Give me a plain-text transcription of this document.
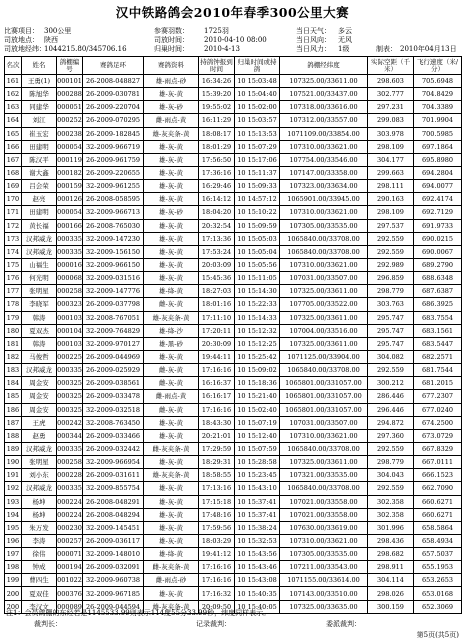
汉中铁路鸽会2010年春季300公里大赛
比赛项目： 300公里	参赛羽数： 1725羽	当日天气： 多云
司放地点： 陕西	司放时间： 2010-04-10 08:00	当日风向： 无风
司放地经纬：
1044215.80/345706.16	归巢时间： 2010-4-13	当日风力： 1级	制表： 2010年04月13日
名次	姓名	鸽棚编号	赛鸽足环	赛鸽资料	持鸽钟报到时间	归巢时间或持鸽	鸽棚经纬度	实际空距（千米）	飞行速度（米/分）
161	王勇(1)	000101	26-2008-048827	雄-雨点-砂	16:34:26	10 15:03:48	107325.00/33611.00	298.603	705.6948
162	陈旭华	000288	26-2009-030781	雄-灰-黄	15:39:20	10 15:04:40	107521.00/33437.00	302.777	704.8429
163	同建华	000051	26-2009-220704	雄-灰-砂	19:55:02	10 15:02:00	107318.00/33616.00	297.231	704.3389
164	刘江	000252	26-2009-070295	雌-雨点-黄	16:11:29	10 15:03:57	107312.00/33557.00	299.083	701.9904
165	崔玉宏	000238	26-2009-182845	雄-灰夹条-黄	18:08:17	10 15:13:53	1071109.00/33854.00	303.978	700.5985
166	田建明	000054	32-2009-966719	雄-灰-黄	18:01:29	10 15:07:29	107310.00/33621.00	298.109	697.1864
167	陈汉平	000119	26-2009-961759	雄-灰-黄	17:56:50	10 15:17:06	107754.00/33546.00	304.177	695.8980
168	谢大鑫	000182	26-2009-220655	雄-灰-黄	17:36:16	10 15:11:37	107147.00/33358.00	299.663	694.2804
169	吕会荣	000159	32-2009-961255	雄-灰-黄	16:29:46	10 15:09:33	107323.00/33634.00	298.111	694.0077
170	赵亮	000126	26-2008-058595	雄-灰-黄	16:14:12	10 14:57:12	1065901.00/33945.00	290.163	692.4174
171	田建明	000054	32-2009-966713	雄-灰-砂	18:04:20	10 15:10:22	107310.00/33621.00	298.109	692.7129
172	黄长福	000166	26-2008-765030	雄-灰-黄	20:32:54	10 15:09:59	107305.00/33535.00	297.537	691.9733
173	汉邦威龙	000335	32-2009-147230	雄-灰-黄	17:13:36	10 15:05:03	1065840.00/33708.00	292.559	690.0215
174	汉邦威龙	000335	32-2009-156150	雄-灰-黄	17:53:24	10 15:05:04	1065840.00/33708.00	292.559	690.0067
175	山福生	000016	32-2009-966150	雄-灰-黄	20:03:09	10 15:05:56	107310.00/33621.00	292.989	689.2790
176	何光明	000068	32-2009-031516	雄-灰-黄	15:45:36	10 15:11:05	107031.00/33507.00	296.859	688.6348
177	张明星	000258	32-2009-147776	雄-绛-黄	18:27:03	10 15:14:30	107325.00/33611.00	298.779	687.6387
178	李晓军	000323	26-2009-037798	雌-灰-黄	18:01:16	10 15:22:33	107705.00/33522.00	303.763	686.3925
179	韩涛	000103	32-2008-767051	雄-灰夹条-黄	17:11:10	10 15:14:33	107325.00/33611.00	295.747	683.7554
180	夏双杰	000104	32-2009-764829	雄-绛-沙	17:20:11	10 15:12:32	107004.00/33516.00	295.747	683.1561
181	韩涛	000103	32-2009-970127	雄-黑-砂	20:30:09	10 15:12:25	107325.00/33611.00	295.747	683.5447
182	马俊哲	000225	26-2009-044969	雄-灰-黄	19:44:11	10 15:25:42	1071125.00/33904.00	304.082	682.2571
183	汉邦威龙	000335	26-2009-025929	雌-灰-黄	17:16:16	10 15:09:02	1065840.00/33708.00	292.559	681.7544
184	周金安	000325	26-2009-038561	雌-灰-黄	16:16:37	10 15:18:36	1065801.00/331057.00	300.212	681.2015
185	周金安	000325	26-2009-033478	雌-雨点-黄	16:16:17	10 15:21:40	1065801.00/331057.00	286.446	677.2307
186	周金安	000325	32-2009-032518	雌-灰-黄	17:16:16	10 15:02:40	1065801.00/331057.00	296.446	677.0240
187	王虎	000242	32-2008-763450	雄-灰-黄	18:43:30	10 15:07:19	107031.00/33507.00	294.872	674.2500
188	赵勇	000344	26-2009-033466	雄-灰-黄	20:21:01	10 15:12:40	107310.00/33621.00	297.360	673.0729
189	汉邦威龙	000335	26-2009-032442	雌-灰夹条-黄	17:29:59	10 15:07:59	1065840.00/33708.00	292.559	667.8329
190	张明星	000258	32-2009-966954	雄-灰-黄	18:29:31	10 15:28:58	107325.00/33611.00	298.779	667.0111
191	刘小东	000228	26-2009-031611	雄-灰夹条-黄	18:58:55	10 15:23:45	107321.00/33535.00	304.043	666.1523
192	汉邦威龙	000335	32-2009-855754	雄-灰-黄	17:13:16	10 15:43:10	1065840.00/33708.00	292.559	662.7090
193	杨坤	000224	26-2008-048291	雄-灰-黄	17:15:18	10 15:37:41	107021.00/33558.00	302.358	660.6271
194	杨坤	000224	26-2008-048294	雄-灰-黄	17:48:16	10 15:37:41	107021.00/33558.00	302.358	660.6271
195	朱万发	000230	32-2009-145451	雄-灰-黄	17:59:56	10 15:38:24	107630.00/33619.00	301.996	658.5864
196	李涛	000257	26-2009-036117	雄-灰-黄	18:03:29	10 15:32:53	107310.00/33621.00	298.436	658.4934
197	徐伟	000071	32-2009-148010	雄-绛-黄	19:41:12	10 15:43:56	107305.00/33535.00	298.682	657.5037
198	钟成	000194	26-2009-032091	雌-灰夹条-黄	17:16:16	10 15:43:46	107211.00/33543.00	298.911	655.1953
199	曹四生	001022	32-2009-960738	雌-雨点-砂	17:16:16	10 15:43:08	1071155.00/33614.00	304.114	653.2653
200	夏双佳	000376	32-2009-967185	雄-灰-黄	17:16:32	10 15:40:35	107143.00/33510.00	298.026	653.0168
200	李汉文	000089	26-2009-044594	雄-灰夹条-黄	20:09:50	10 15:40:05	107325.00/33635.00	300.159	652.3069
注1：会员鸽棚的东经若是1145533.99则表示114度55分33.99秒，纬度同样表示。
裁判长：	记录裁判：	委派裁判：
第5页(共5页)
